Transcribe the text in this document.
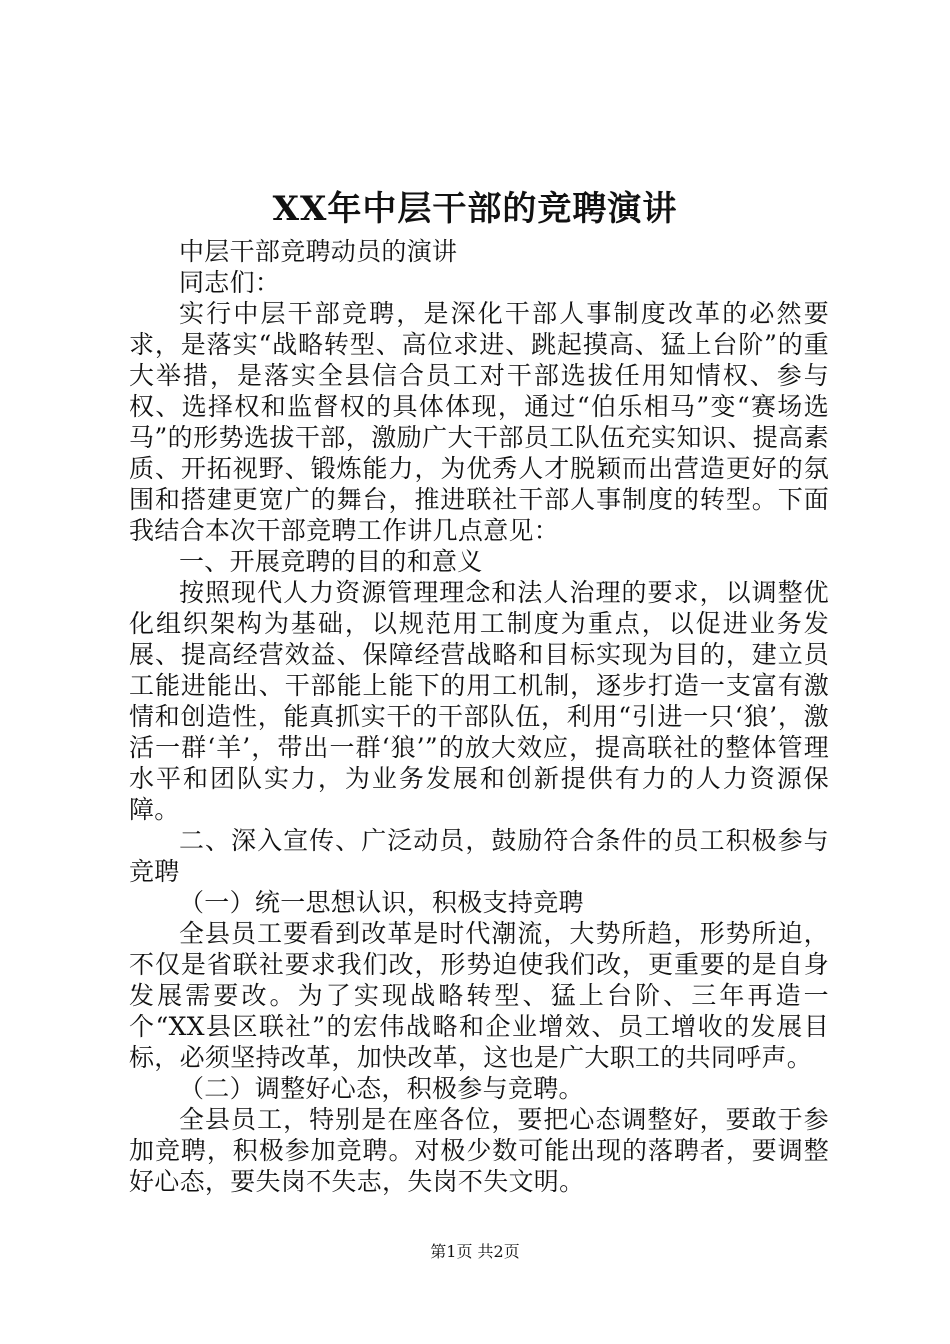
XX年中层干部的竞聘演讲

中层干部竞聘动员的演讲

同志们：

实行中层干部竞聘，是深化干部人事制度改革的必然要求，是落实“战略转型、高位求进、跳起摸高、猛上台阶”的重大举措，是落实全县信合员工对干部选拔任用知情权、参与权、选择权和监督权的具体体现，通过“伯乐相马”变“赛场选马”的形势选拔干部，激励广大干部员工队伍充实知识、提高素质、开拓视野、锻炼能力，为优秀人才脱颖而出营造更好的氛围和搭建更宽广的舞台，推进联社干部人事制度的转型。下面我结合本次干部竞聘工作讲几点意见：

一、开展竞聘的目的和意义

按照现代人力资源管理理念和法人治理的要求，以调整优化组织架构为基础，以规范用工制度为重点，以促进业务发展、提高经营效益、保障经营战略和目标实现为目的，建立员工能进能出、干部能上能下的用工机制，逐步打造一支富有激情和创造性，能真抓实干的干部队伍，利用“引进一只‘狼’，激活一群‘羊’，带出一群‘狼’”的放大效应，提高联社的整体管理水平和团队实力，为业务发展和创新提供有力的人力资源保障。

二、深入宣传、广泛动员，鼓励符合条件的员工积极参与竞聘

（一）统一思想认识，积极支持竞聘

全县员工要看到改革是时代潮流，大势所趋，形势所迫，不仅是省联社要求我们改，形势迫使我们改，更重要的是自身发展需要改。为了实现战略转型、猛上台阶、三年再造一个“XX县区联社”的宏伟战略和企业增效、员工增收的发展目标，必须坚持改革，加快改革，这也是广大职工的共同呼声。

（二）调整好心态，积极参与竞聘。

全县员工，特别是在座各位，要把心态调整好，要敢于参加竞聘，积极参加竞聘。对极少数可能出现的落聘者，要调整好心态，要失岗不失志，失岗不失文明。

第1页 共2页
